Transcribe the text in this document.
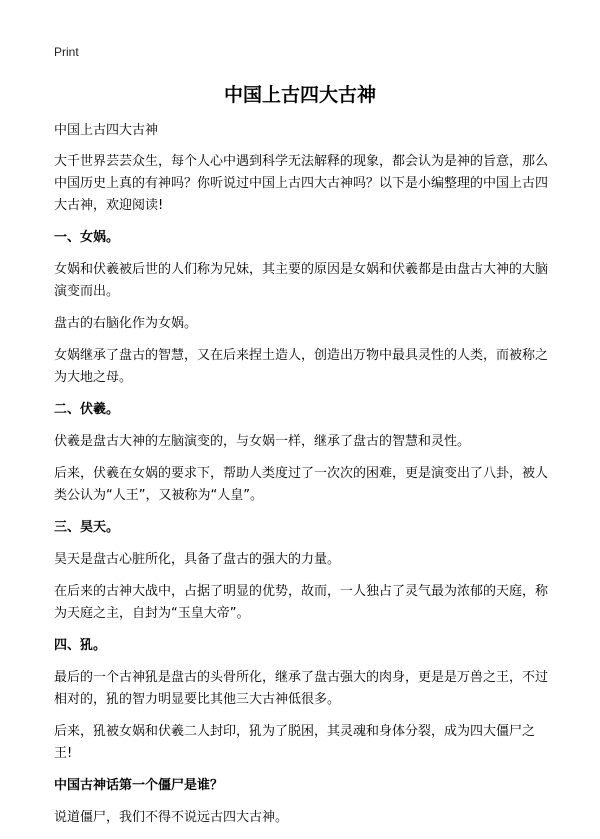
Print
中国上古四大古神

中国上古四大古神

大千世界芸芸众生，每个人心中遇到科学无法解释的现象，都会认为是神的旨意，那么中国历史上真的有神吗？你听说过中国上古四大古神吗？以下是小编整理的中国上古四大古神，欢迎阅读!

一、女娲。

女娲和伏羲被后世的人们称为兄妹，其主要的原因是女娲和伏羲都是由盘古大神的大脑演变而出。

盘古的右脑化作为女娲。

女娲继承了盘古的智慧，又在后来捏土造人，创造出万物中最具灵性的人类，而被称之为大地之母。

二、伏羲。

伏羲是盘古大神的左脑演变的，与女娲一样，继承了盘古的智慧和灵性。

后来，伏羲在女娲的要求下，帮助人类度过了一次次的困难，更是演变出了八卦，被人类公认为“人王”，又被称为“人皇”。

三、昊天。

昊天是盘古心脏所化，具备了盘古的强大的力量。

在后来的古神大战中，占据了明显的优势，故而，一人独占了灵气最为浓郁的天庭，称为天庭之主，自封为“玉皇大帝”。

四、犼。

最后的一个古神犼是盘古的头骨所化，继承了盘古强大的肉身，更是是万兽之王，不过相对的，犼的智力明显要比其他三大古神低很多。

后来，犼被女娲和伏羲二人封印，犼为了脱困，其灵魂和身体分裂，成为四大僵尸之王!

中国古神话第一个僵尸是谁？

说道僵尸，我们不得不说远古四大古神。
